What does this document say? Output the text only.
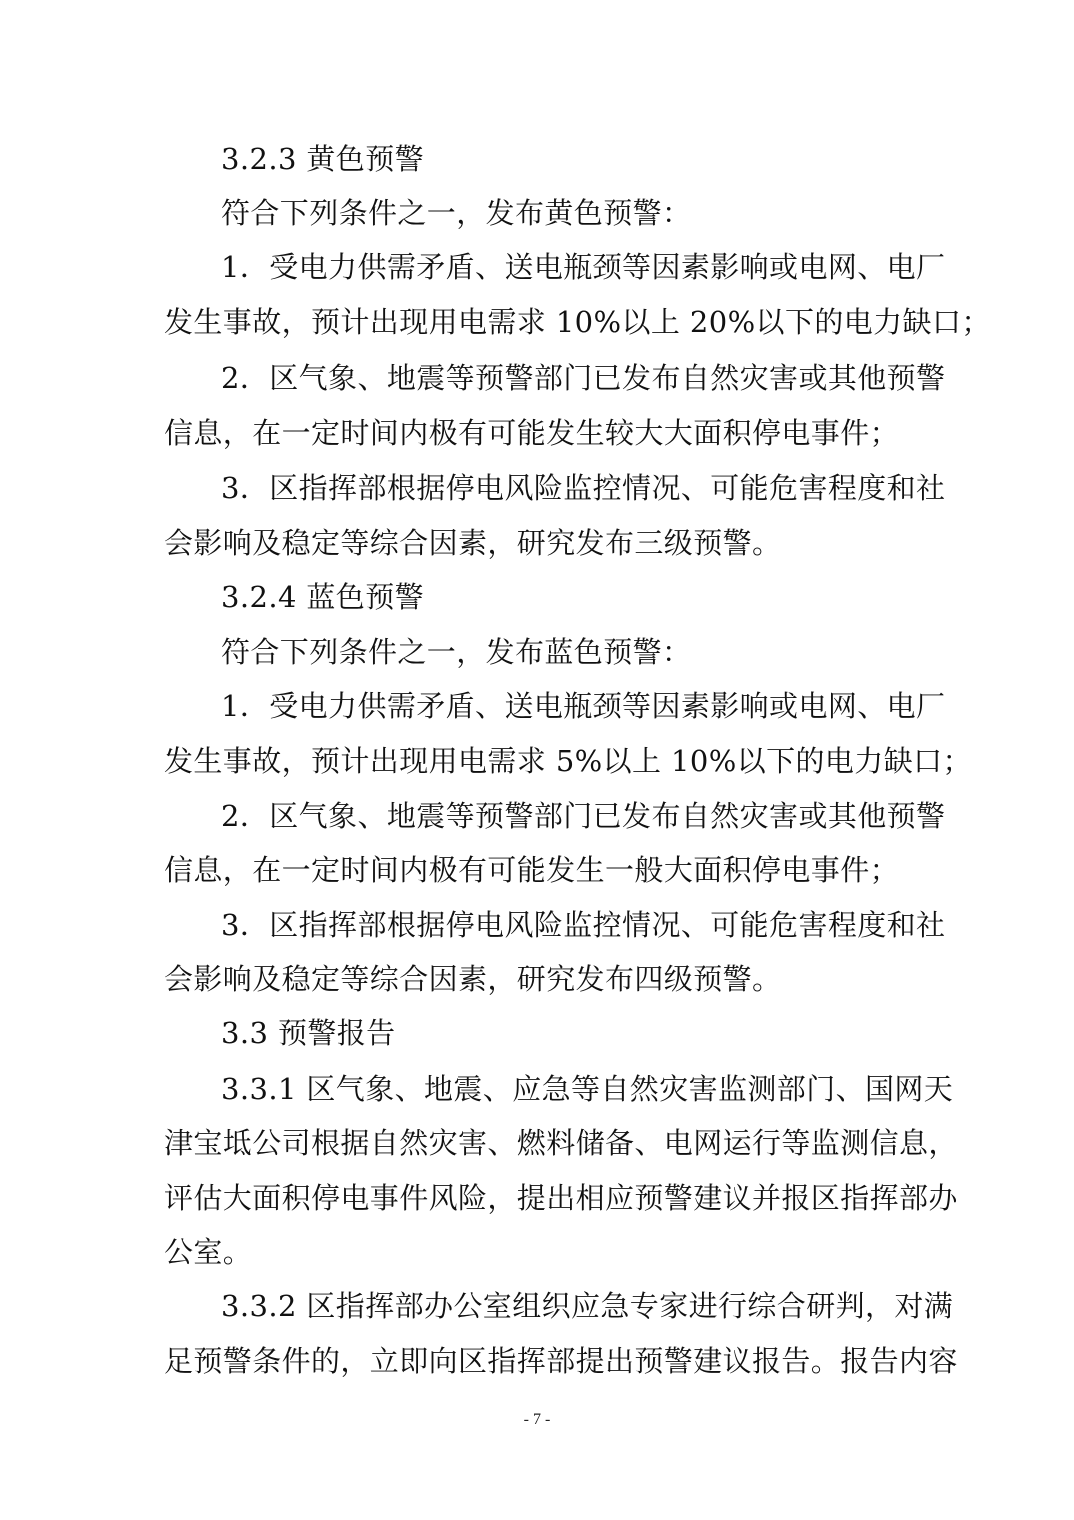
3.2.3 黄色预警
符合下列条件之一，发布黄色预警：
1．受电力供需矛盾、送电瓶颈等因素影响或电网、电厂
发生事故，预计出现用电需求 10%以上 20%以下的电力缺口；
2．区气象、地震等预警部门已发布自然灾害或其他预警
信息，在一定时间内极有可能发生较大大面积停电事件；
3．区指挥部根据停电风险监控情况、可能危害程度和社
会影响及稳定等综合因素，研究发布三级预警。
3.2.4 蓝色预警
符合下列条件之一，发布蓝色预警：
1．受电力供需矛盾、送电瓶颈等因素影响或电网、电厂
发生事故，预计出现用电需求 5%以上 10%以下的电力缺口；
2．区气象、地震等预警部门已发布自然灾害或其他预警
信息，在一定时间内极有可能发生一般大面积停电事件；
3．区指挥部根据停电风险监控情况、可能危害程度和社
会影响及稳定等综合因素，研究发布四级预警。
3.3 预警报告
3.3.1 区气象、地震、应急等自然灾害监测部门、国网天
津宝坻公司根据自然灾害、燃料储备、电网运行等监测信息，
评估大面积停电事件风险，提出相应预警建议并报区指挥部办
公室。
3.3.2 区指挥部办公室组织应急专家进行综合研判，对满
足预警条件的，立即向区指挥部提出预警建议报告。报告内容
- 7 -
